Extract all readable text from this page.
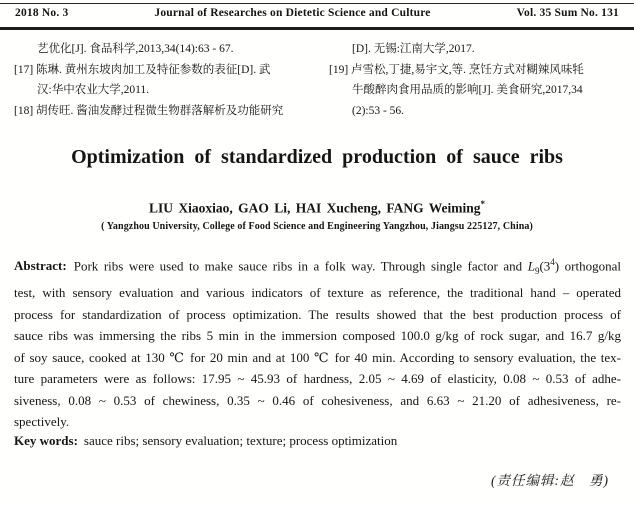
2018 No. 3	Journal of Researches on Dietetic Science and Culture	Vol. 35 Sum No. 131
艺优化[J]. 食品科学,2013,34(14):63 - 67.
[17] 陈琳. 黄州东坡肉加工及特征参数的表征[D]. 武
汉:华中农业大学,2011.
[18] 胡传旺. 酱油发酵过程微生物群落解析及功能研究
[D]. 无锡:江南大学,2017.
[19] 卢雪松,丁捷,易宇文,等. 烹饪方式对糊辣风味牦
牛酸醉肉食用品质的影响[J]. 美食研究,2017,34
(2):53 - 56.
Optimization of standardized production of sauce ribs
LIU Xiaoxiao, GAO Li, HAI Xucheng, FANG Weiming*
( Yangzhou University, College of Food Science and Engineering Yangzhou, Jiangsu 225127, China)
Abstract: Pork ribs were used to make sauce ribs in a folk way. Through single factor and $L_9(3^4)$ orthogonal
test, with sensory evaluation and various indicators of texture as reference, the traditional hand – operated
process for standardization of process optimization. The results showed that the best production process of
sauce ribs was immersing the ribs 5 min in the immersion composed 100.0 g/kg of rock sugar, and 16.7 g/kg
of soy sauce, cooked at 130 ℃ for 20 min and at 100 ℃ for 40 min. According to sensory evaluation, the tex-
ture parameters were as follows: 17.95 ~ 45.93 of hardness, 2.05 ~ 4.69 of elasticity, 0.08 ~ 0.53 of adhe-
siveness, 0.08 ~ 0.53 of chewiness, 0.35 ~ 0.46 of cohesiveness, and 6.63 ~ 21.20 of adhesiveness, re-
spectively.
Key words: sauce ribs; sensory evaluation; texture; process optimization
(责任编辑:赵　勇)
